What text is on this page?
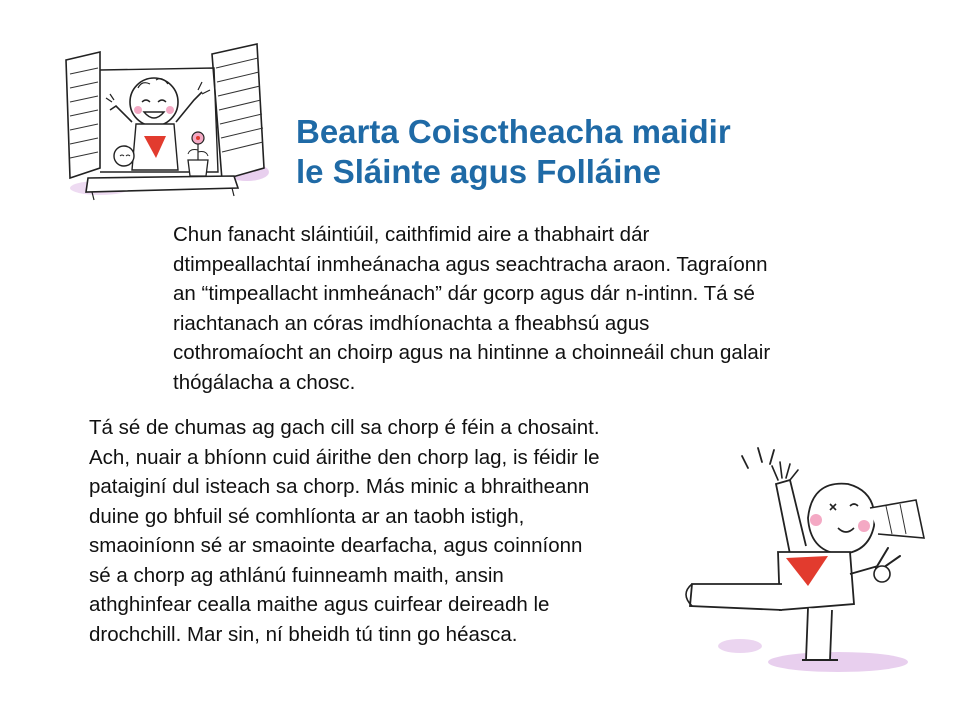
Bearta Coisctheacha maidir
le Sláinte agus Folláine
Chun fanacht sláintiúil, caithfimid aire a thabhairt dár
dtimpeallachtaí inmheánacha agus seachtracha araon. Tagraíonn
an “timpeallacht inmheánach” dár gcorp agus dár n-intinn. Tá sé
riachtanach an córas imdhíonachta a fheabhsú agus
cothromaíocht an choirp agus na hintinne a choinneáil chun galair
thógálacha a chosc.
Tá sé de chumas ag gach cill sa chorp é féin a chosaint.
Ach, nuair a bhíonn cuid áirithe den chorp lag, is féidir le
pataiginí dul isteach sa chorp. Más minic a bhraitheann
duine go bhfuil sé comhlíonta ar an taobh istigh,
smaoiníonn sé ar smaointe dearfacha, agus coinníonn
sé a chorp ag athlánú fuinneamh maith, ansin
athghinfear cealla maithe agus cuirfear deireadh le
drochchill. Mar sin, ní bheidh tú tinn go héasca.
